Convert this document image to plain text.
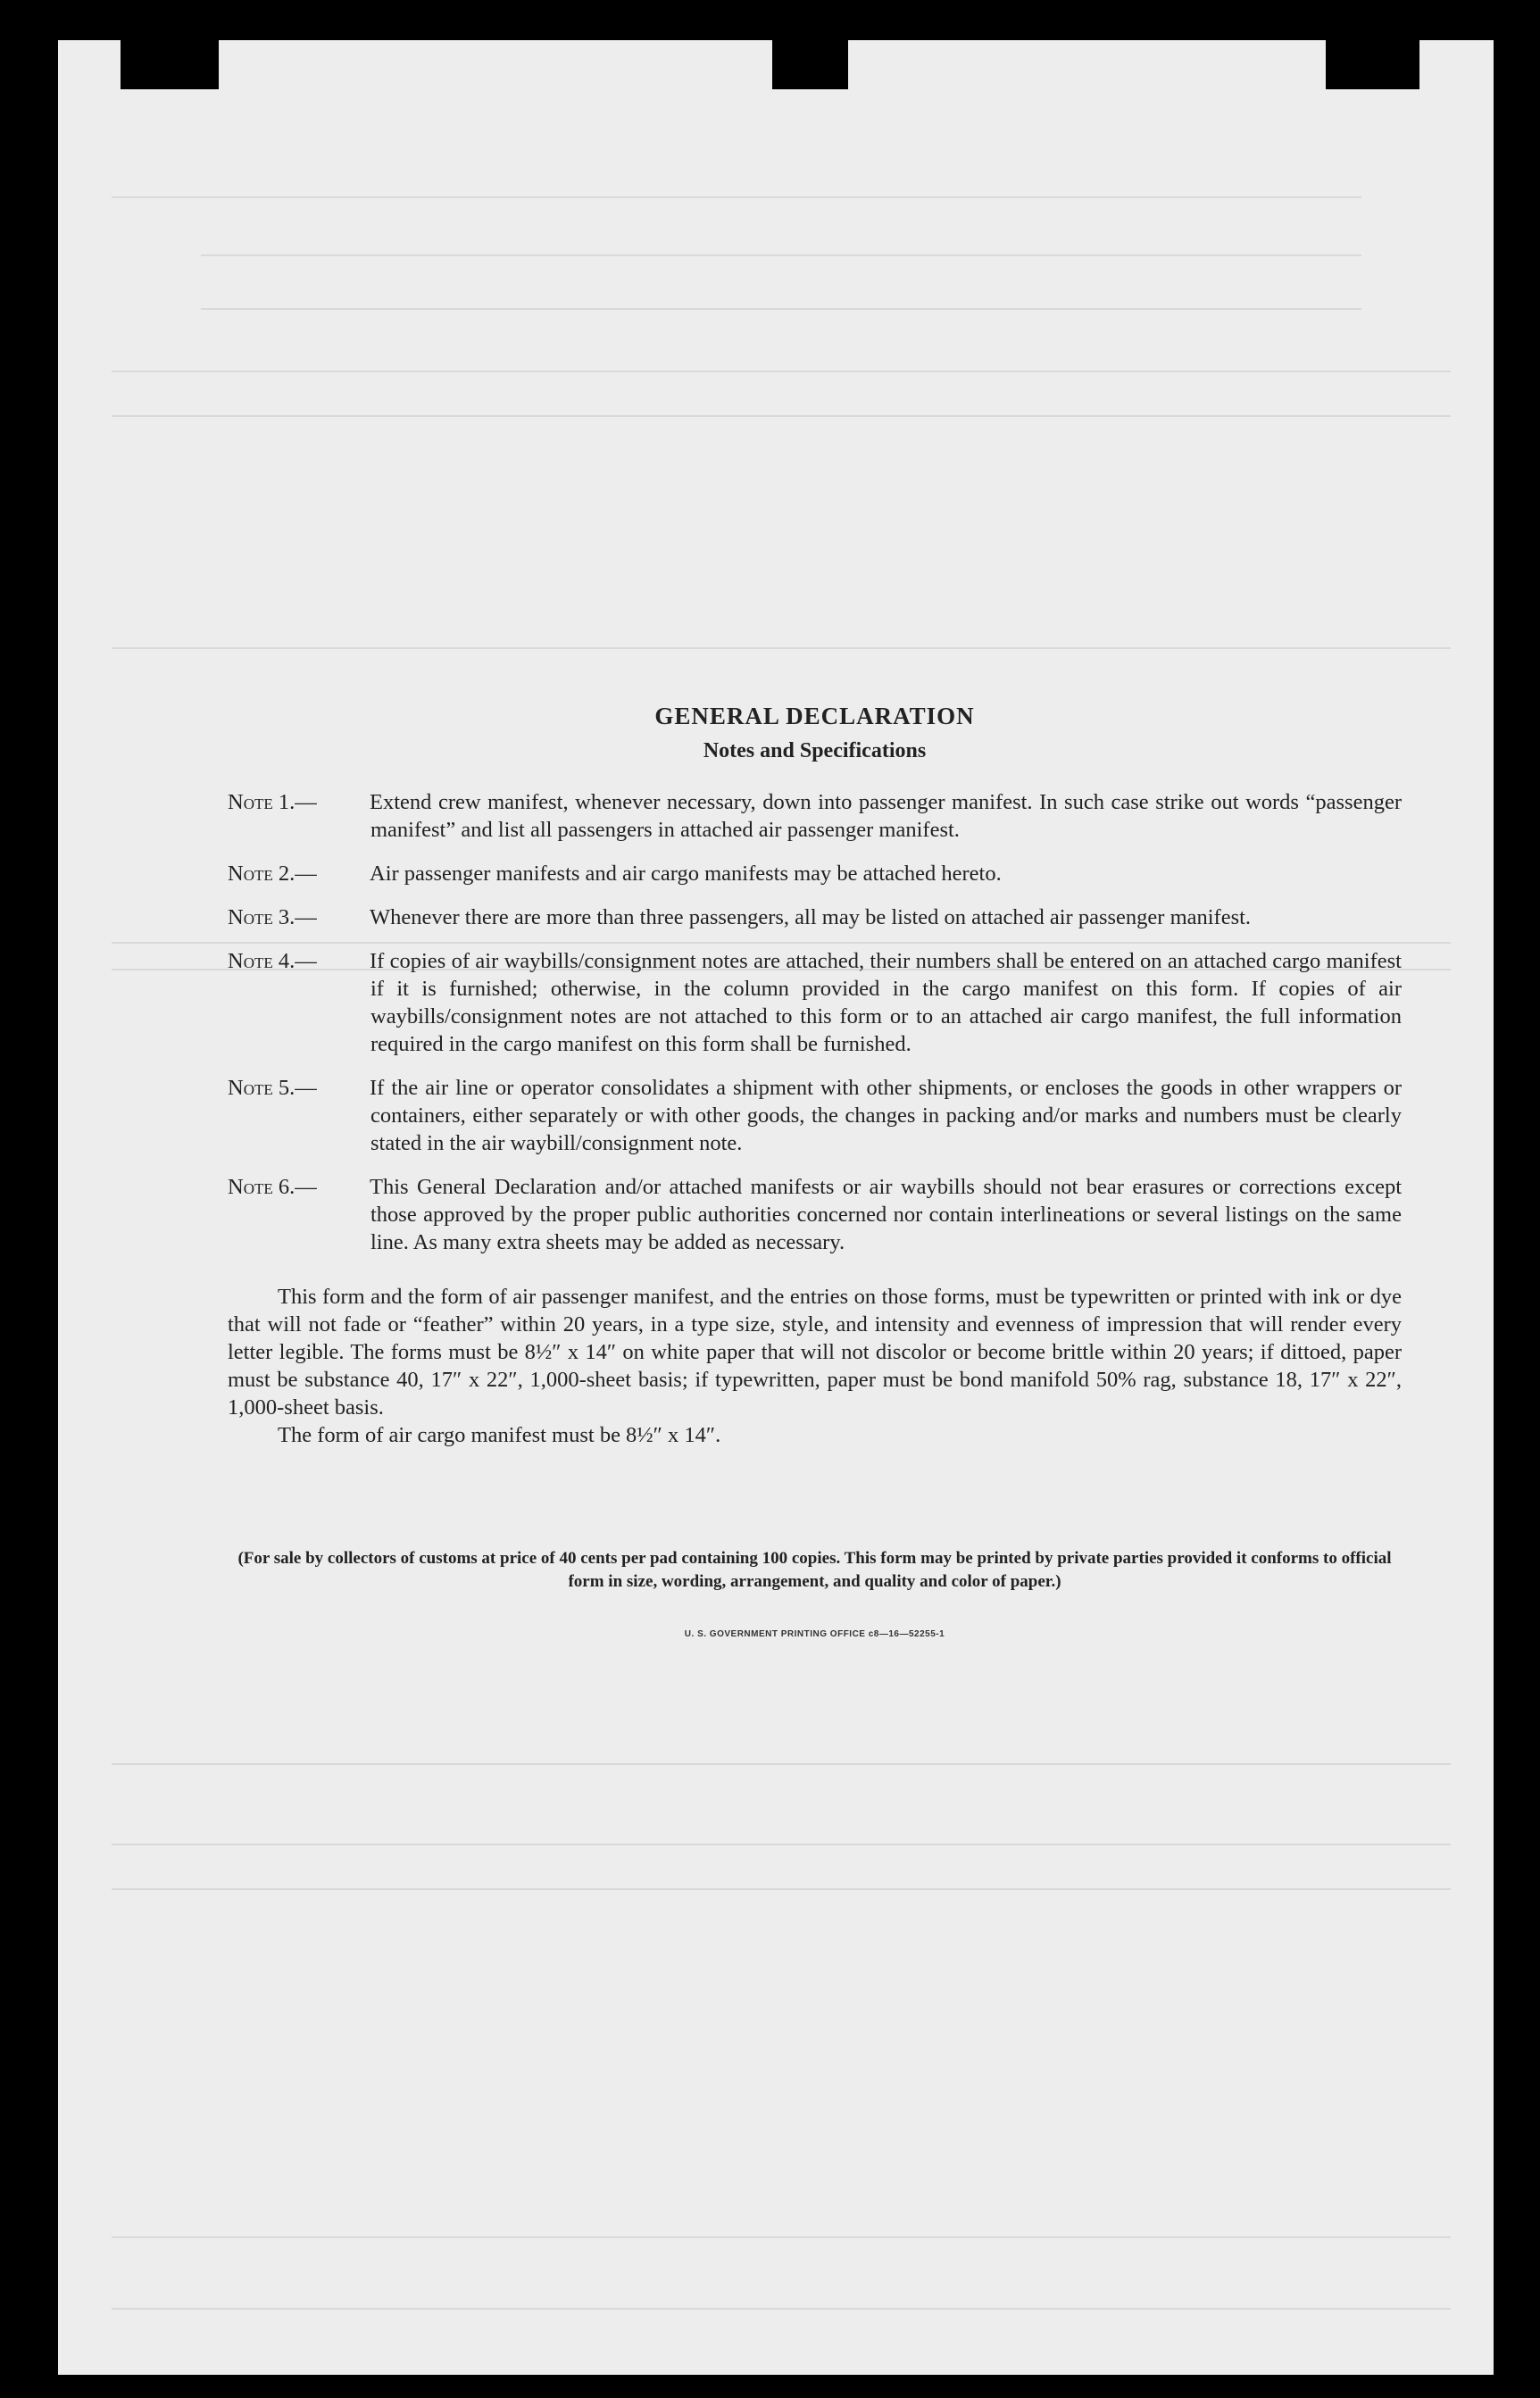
GENERAL DECLARATION
Notes and Specifications
Note 1.—	Extend crew manifest, whenever necessary, down into passenger manifest. In such case strike out words “passenger manifest” and list all passengers in attached air passenger manifest.
Note 2.—	Air passenger manifests and air cargo manifests may be attached hereto.
Note 3.—	Whenever there are more than three passengers, all may be listed on attached air passenger manifest.
Note 4.—	If copies of air waybills/consignment notes are attached, their numbers shall be entered on an attached cargo manifest if it is furnished; otherwise, in the column provided in the cargo manifest on this form. If copies of air waybills/consignment notes are not attached to this form or to an attached air cargo manifest, the full information required in the cargo manifest on this form shall be furnished.
Note 5.—	If the air line or operator consolidates a shipment with other shipments, or encloses the goods in other wrappers or containers, either separately or with other goods, the changes in packing and/or marks and numbers must be clearly stated in the air waybill/consignment note.
Note 6.—	This General Declaration and/or attached manifests or air waybills should not bear erasures or corrections except those approved by the proper public authorities concerned nor contain interlineations or several listings on the same line. As many extra sheets may be added as necessary.

This form and the form of air passenger manifest, and the entries on those forms, must be typewritten or printed with ink or dye that will not fade or “feather” within 20 years, in a type size, style, and intensity and evenness of impression that will render every letter legible. The forms must be 8½″ x 14″ on white paper that will not discolor or become brittle within 20 years; if dittoed, paper must be substance 40, 17″ x 22″, 1,000-sheet basis; if typewritten, paper must be bond manifold 50% rag, substance 18, 17″ x 22″, 1,000-sheet basis.

The form of air cargo manifest must be 8½″ x 14″.

(For sale by collectors of customs at price of 40 cents per pad containing 100 copies. This form may be printed by private parties provided it conforms to official form in size, wording, arrangement, and quality and color of paper.)
U. S. GOVERNMENT PRINTING OFFICE c8—16—52255-1
